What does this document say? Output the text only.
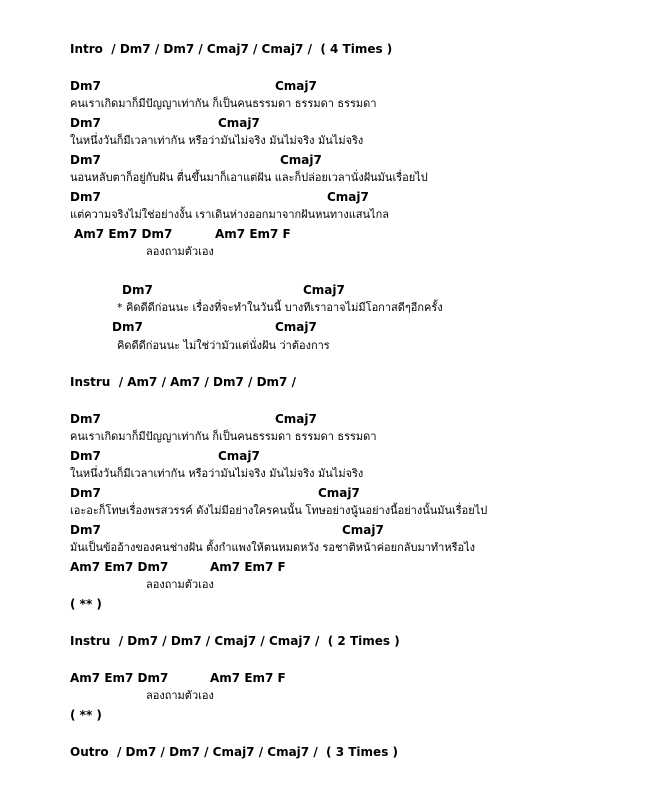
Intro  / Dm7 / Dm7 / Cmaj7 / Cmaj7 /  ( 4 Times )
Dm7	Cmaj7
คนเราเกิดมาก็มีปัญญาเท่ากัน ก็เป็นคนธรรมดา ธรรมดา ธรรมดา
Dm7	Cmaj7
ในหนึ่งวันก็มีเวลาเท่ากัน หรือว่ามันไม่จริง มันไม่จริง มันไม่จริง
Dm7	Cmaj7
นอนหลับตาก็อยู่กับฝัน ตื่นขึ้นมาก็เอาแต่ฝัน และก็ปล่อยเวลานั่งฝันมันเรื่อยไป
Dm7	Cmaj7
แต่ความจริงไม่ใช่อย่างงั้น เราเดินห่างออกมาจากฝันหนทางแสนไกล
Am7 Em7 Dm7	Am7 Em7 F
ลองถามตัวเอง
Dm7	Cmaj7
* คิดดีดีก่อนนะ เรื่องที่จะทำในวันนี้ บางทีเราอาจไม่มีโอกาสดีๆอีกครั้ง
Dm7	Cmaj7
คิดดีดีก่อนนะ ไม่ใช่ว่ามัวแต่นั่งฝัน ว่าต้องการ
Instru  / Am7 / Am7 / Dm7 / Dm7 /
Dm7	Cmaj7
คนเราเกิดมาก็มีปัญญาเท่ากัน ก็เป็นคนธรรมดา ธรรมดา ธรรมดา
Dm7	Cmaj7
ในหนึ่งวันก็มีเวลาเท่ากัน หรือว่ามันไม่จริง มันไม่จริง มันไม่จริง
Dm7	Cmaj7
เอะอะก็โทษเรื่องพรสวรรค์ ดังไม่มีอย่างใครคนนั้น โทษอย่างนู้นอย่างนี้อย่างนั้นมันเรื่อยไป
Dm7	Cmaj7
มันเป็นข้ออ้างของคนช่างฝัน ตั้งกำแพงให้ตนหมดหวัง รอชาติหน้าค่อยกลับมาทำหรือไง
Am7 Em7 Dm7	Am7 Em7 F
ลองถามตัวเอง
( ** )
Instru  / Dm7 / Dm7 / Cmaj7 / Cmaj7 /  ( 2 Times )
Am7 Em7 Dm7	Am7 Em7 F
ลองถามตัวเอง
( ** )
Outro  / Dm7 / Dm7 / Cmaj7 / Cmaj7 /  ( 3 Times )
